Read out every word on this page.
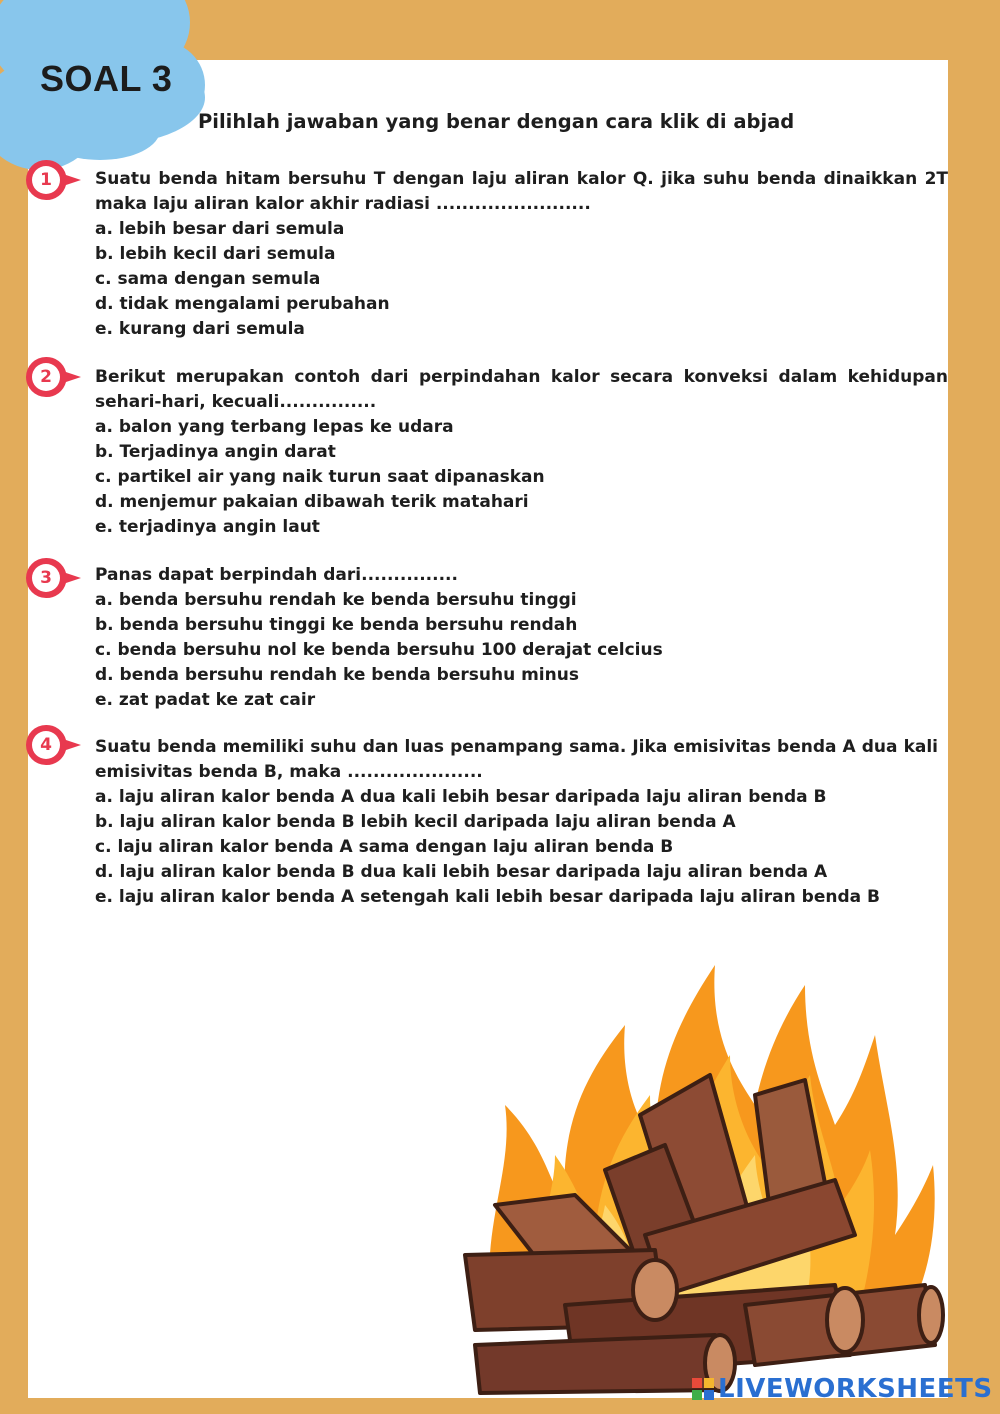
SOAL 3

Pilihlah jawaban yang benar dengan cara klik di abjad

1	Suatu benda hitam bersuhu T dengan laju aliran kalor Q. jika suhu benda dinaikkan 2T maka laju aliran kalor akhir radiasi ........................
a. lebih besar dari semula
b. lebih kecil dari semula
c. sama dengan semula
d. tidak mengalami perubahan
e. kurang dari semula
2	Berikut merupakan contoh dari perpindahan kalor secara konveksi dalam kehidupan sehari-hari, kecuali...............
a. balon yang terbang lepas ke udara
b. Terjadinya angin darat
c. partikel air yang naik turun saat dipanaskan
d. menjemur pakaian dibawah terik matahari
e. terjadinya angin laut
3	Panas dapat berpindah dari...............
a. benda bersuhu rendah ke benda bersuhu tinggi
b. benda bersuhu tinggi ke benda bersuhu rendah
c. benda bersuhu nol ke benda bersuhu 100 derajat celcius
d. benda bersuhu rendah ke benda bersuhu minus
e. zat padat ke zat cair
4	Suatu benda memiliki suhu dan luas penampang sama. Jika emisivitas benda A dua kali emisivitas benda B, maka .....................
a. laju aliran kalor benda A dua kali lebih besar daripada laju aliran benda B
b. laju aliran kalor benda B lebih kecil daripada laju aliran benda A
c. laju aliran kalor benda A sama dengan laju aliran benda B
d. laju aliran kalor benda B dua kali lebih besar daripada laju aliran benda A
e. laju aliran kalor benda A setengah kali lebih besar daripada laju aliran benda B
LIVEWORKSHEETS
